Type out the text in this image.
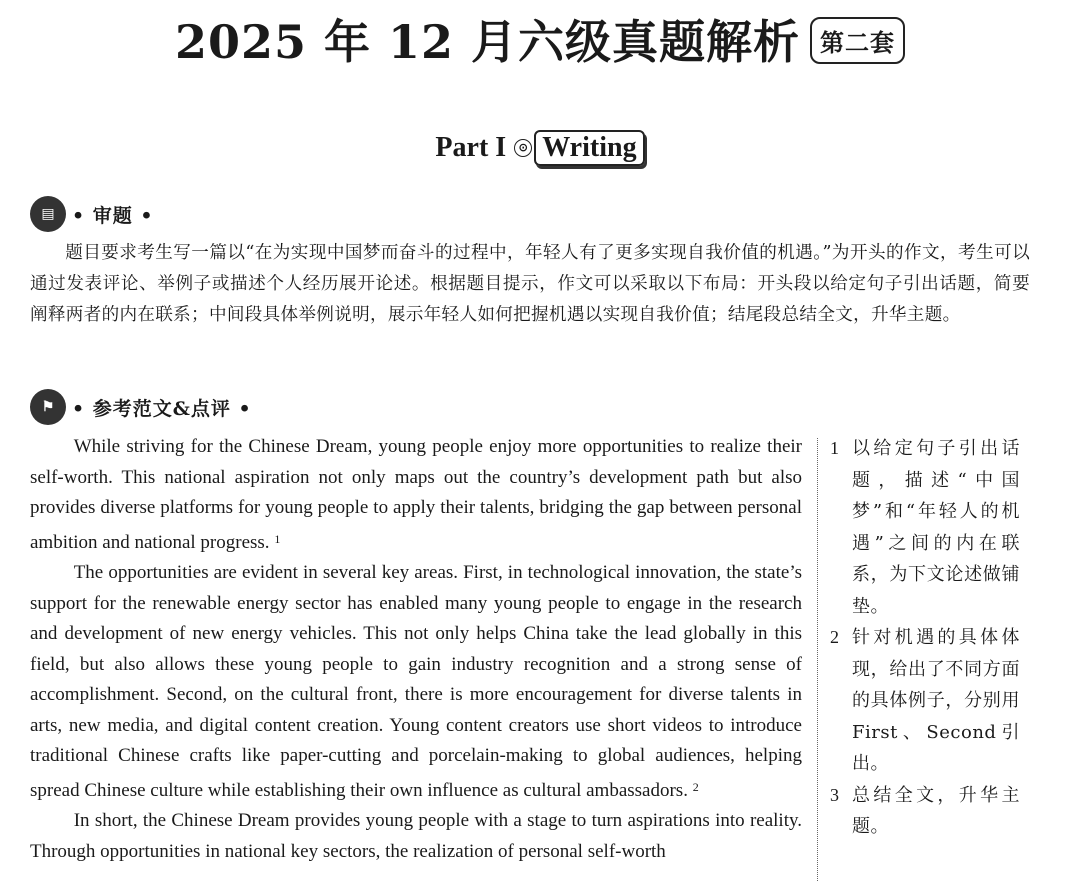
2025 年 12 月六级真题解析 第二套
Part I ⊙ Writing
▤ • 审题 •

题目要求考生写一篇以“在为实现中国梦而奋斗的过程中，年轻人有了更多实现自我价值的机遇。”为开头的作文，考生可以通过发表评论、举例子或描述个人经历展开论述。根据题目提示，作文可以采取以下布局：开头段以给定句子引出话题，简要阐释两者的内在联系；中间段具体举例说明，展示年轻人如何把握机遇以实现自我价值；结尾段总结全文，升华主题。

⚑ • 参考范文&点评 •

While striving for the Chinese Dream, young people enjoy more opportunities to realize their self-worth. This national aspiration not only maps out the country’s development path but also provides diverse platforms for young people to apply their talents, bridging the gap between personal ambition and national progress. $^1$

The opportunities are evident in several key areas. First, in technological innovation, the state’s support for the renewable energy sector has enabled many young people to engage in the research and development of new energy vehicles. This not only helps China take the lead globally in this field, but also allows these young people to gain industry recognition and a strong sense of accomplishment. Second, on the cultural front, there is more encouragement for diverse talents in arts, new media, and digital content creation. Young content creators use short videos to introduce traditional Chinese crafts like paper-cutting and porcelain-making to global audiences, helping spread Chinese culture while establishing their own influence as cultural ambassadors. $^2$

In short, the Chinese Dream provides young people with a stage to turn aspirations into reality. Through opportunities in national key sectors, the realization of personal self-worth

1 以给定句子引出话题，描述“中国梦”和“年轻人的机遇”之间的内在联系，为下文论述做铺垫。
2 针对机遇的具体体现，给出了不同方面的具体例子，分别用First、Second引出。
3 总结全文，升华主题。
